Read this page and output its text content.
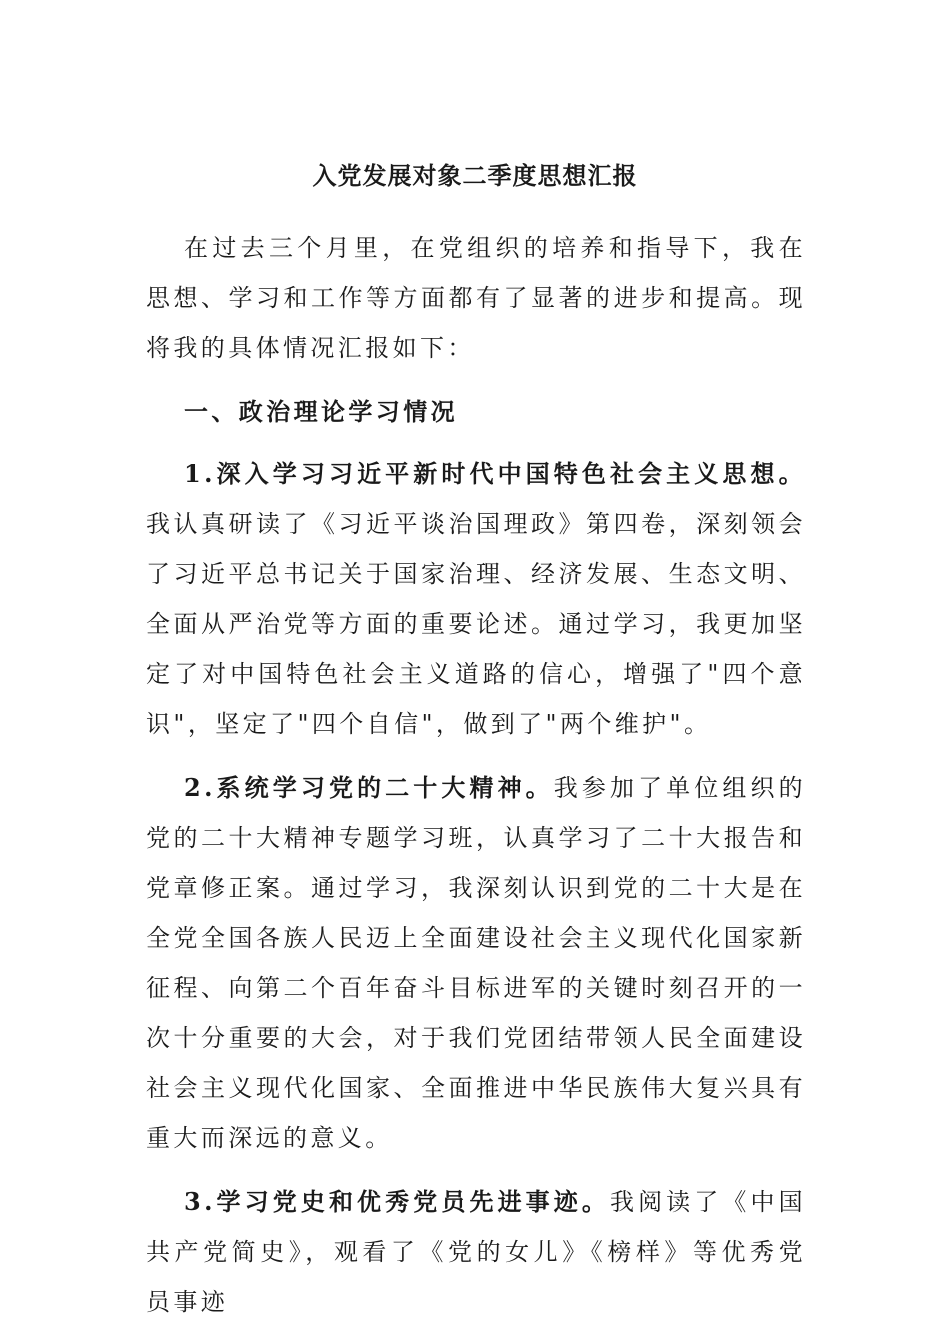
入党发展对象二季度思想汇报

在过去三个月里，在党组织的培养和指导下，我在思想、学习和工作等方面都有了显著的进步和提高。现将我的具体情况汇报如下：

一、政治理论学习情况

1.深入学习习近平新时代中国特色社会主义思想。我认真研读了《习近平谈治国理政》第四卷，深刻领会了习近平总书记关于国家治理、经济发展、生态文明、全面从严治党等方面的重要论述。通过学习，我更加坚定了对中国特色社会主义道路的信心，增强了"四个意识"，坚定了"四个自信"，做到了"两个维护"。

2.系统学习党的二十大精神。我参加了单位组织的党的二十大精神专题学习班，认真学习了二十大报告和党章修正案。通过学习，我深刻认识到党的二十大是在全党全国各族人民迈上全面建设社会主义现代化国家新征程、向第二个百年奋斗目标进军的关键时刻召开的一次十分重要的大会，对于我们党团结带领人民全面建设社会主义现代化国家、全面推进中华民族伟大复兴具有重大而深远的意义。

3.学习党史和优秀党员先进事迹。我阅读了《中国共产党简史》，观看了《党的女儿》《榜样》等优秀党员事迹
